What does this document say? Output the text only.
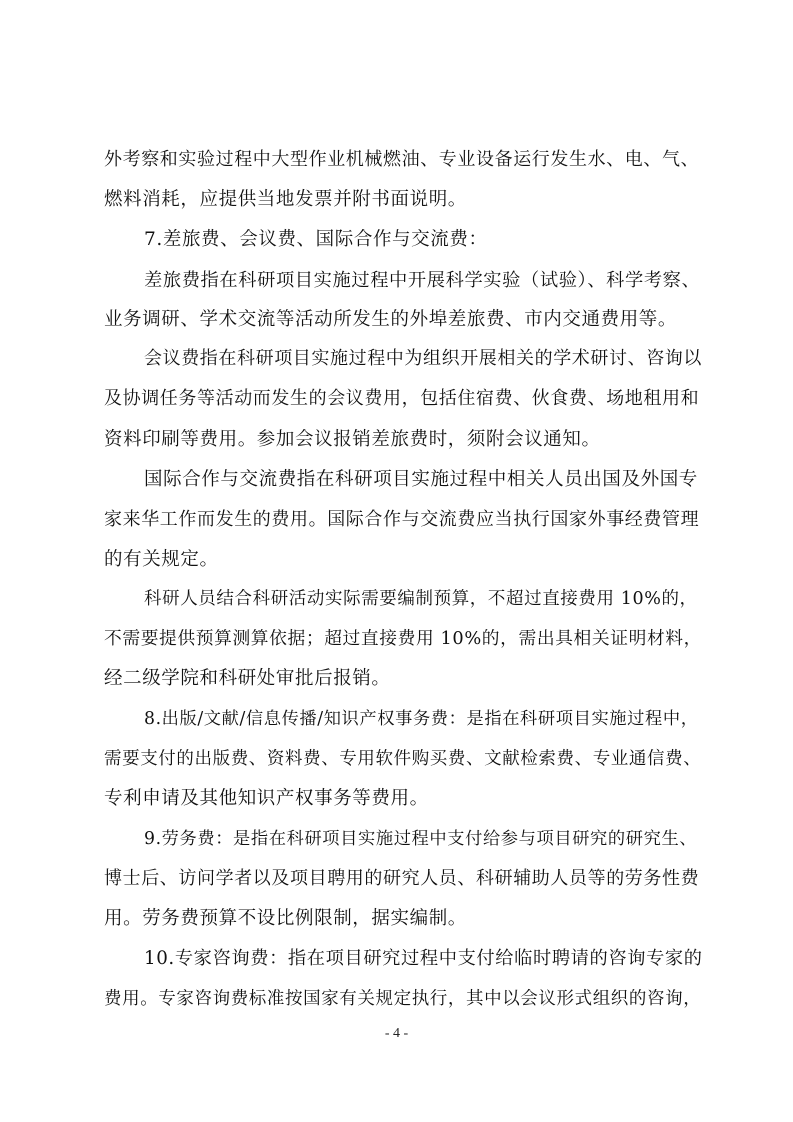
外考察和实验过程中大型作业机械燃油、专业设备运行发生水、电、气、
燃料消耗，应提供当地发票并附书面说明。
7.差旅费、会议费、国际合作与交流费：
差旅费指在科研项目实施过程中开展科学实验（试验）、科学考察、
业务调研、学术交流等活动所发生的外埠差旅费、市内交通费用等。
会议费指在科研项目实施过程中为组织开展相关的学术研讨、咨询以
及协调任务等活动而发生的会议费用，包括住宿费、伙食费、场地租用和
资料印刷等费用。参加会议报销差旅费时，须附会议通知。
国际合作与交流费指在科研项目实施过程中相关人员出国及外国专
家来华工作而发生的费用。国际合作与交流费应当执行国家外事经费管理
的有关规定。
科研人员结合科研活动实际需要编制预算，不超过直接费用 10%的，
不需要提供预算测算依据；超过直接费用 10%的，需出具相关证明材料，
经二级学院和科研处审批后报销。
8.出版/文献/信息传播/知识产权事务费：是指在科研项目实施过程中，
需要支付的出版费、资料费、专用软件购买费、文献检索费、专业通信费、
专利申请及其他知识产权事务等费用。
9.劳务费：是指在科研项目实施过程中支付给参与项目研究的研究生、
博士后、访问学者以及项目聘用的研究人员、科研辅助人员等的劳务性费
用。劳务费预算不设比例限制，据实编制。
10.专家咨询费：指在项目研究过程中支付给临时聘请的咨询专家的
费用。专家咨询费标准按国家有关规定执行，其中以会议形式组织的咨询，
- 4 -
